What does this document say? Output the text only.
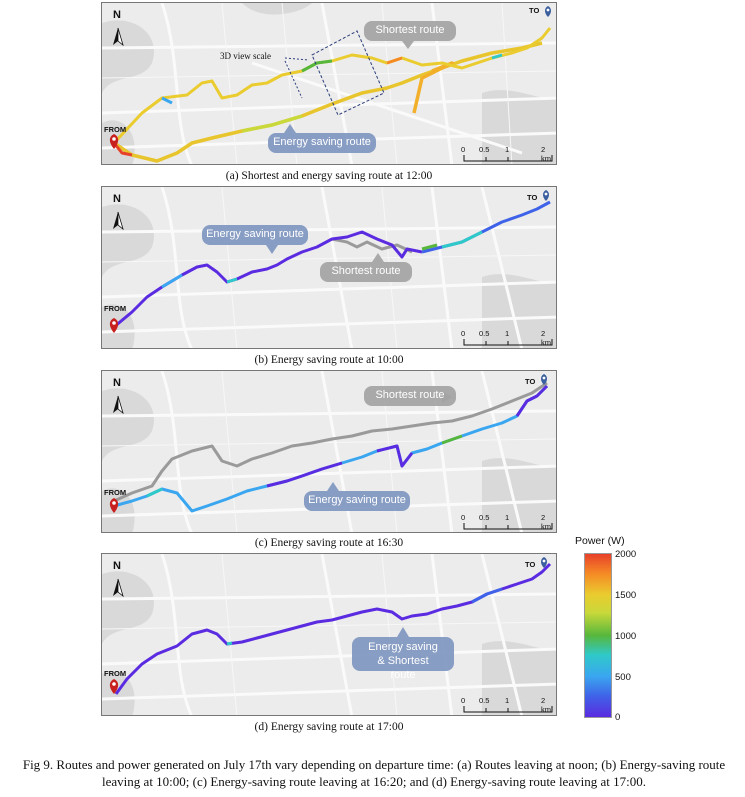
N
FROM
TO
3D view scale
Shortest route
Energy saving route
0 0.5 1	2 km
(a) Shortest and energy saving route at 12:00
N
FROM
TO
Energy saving route
Shortest route
0 0.5 1	2 km
(b) Energy saving route at 10:00
N
FROM
TO
Shortest route
Energy saving route
0 0.5 1	2 km
(c) Energy saving route at 16:30
N
FROM
TO
Energy saving & Shortest route
0 0.5 1	2 km
(d) Energy saving route at 17:00
Power (W)
2000
1500
1000
500
0
Fig 9. Routes and power generated on July 17th vary depending on departure time: (a) Routes leaving at noon; (b) Energy-saving route leaving at 10:00; (c) Energy-saving route leaving at 16:20; and (d) Energy-saving route leaving at 17:00.
